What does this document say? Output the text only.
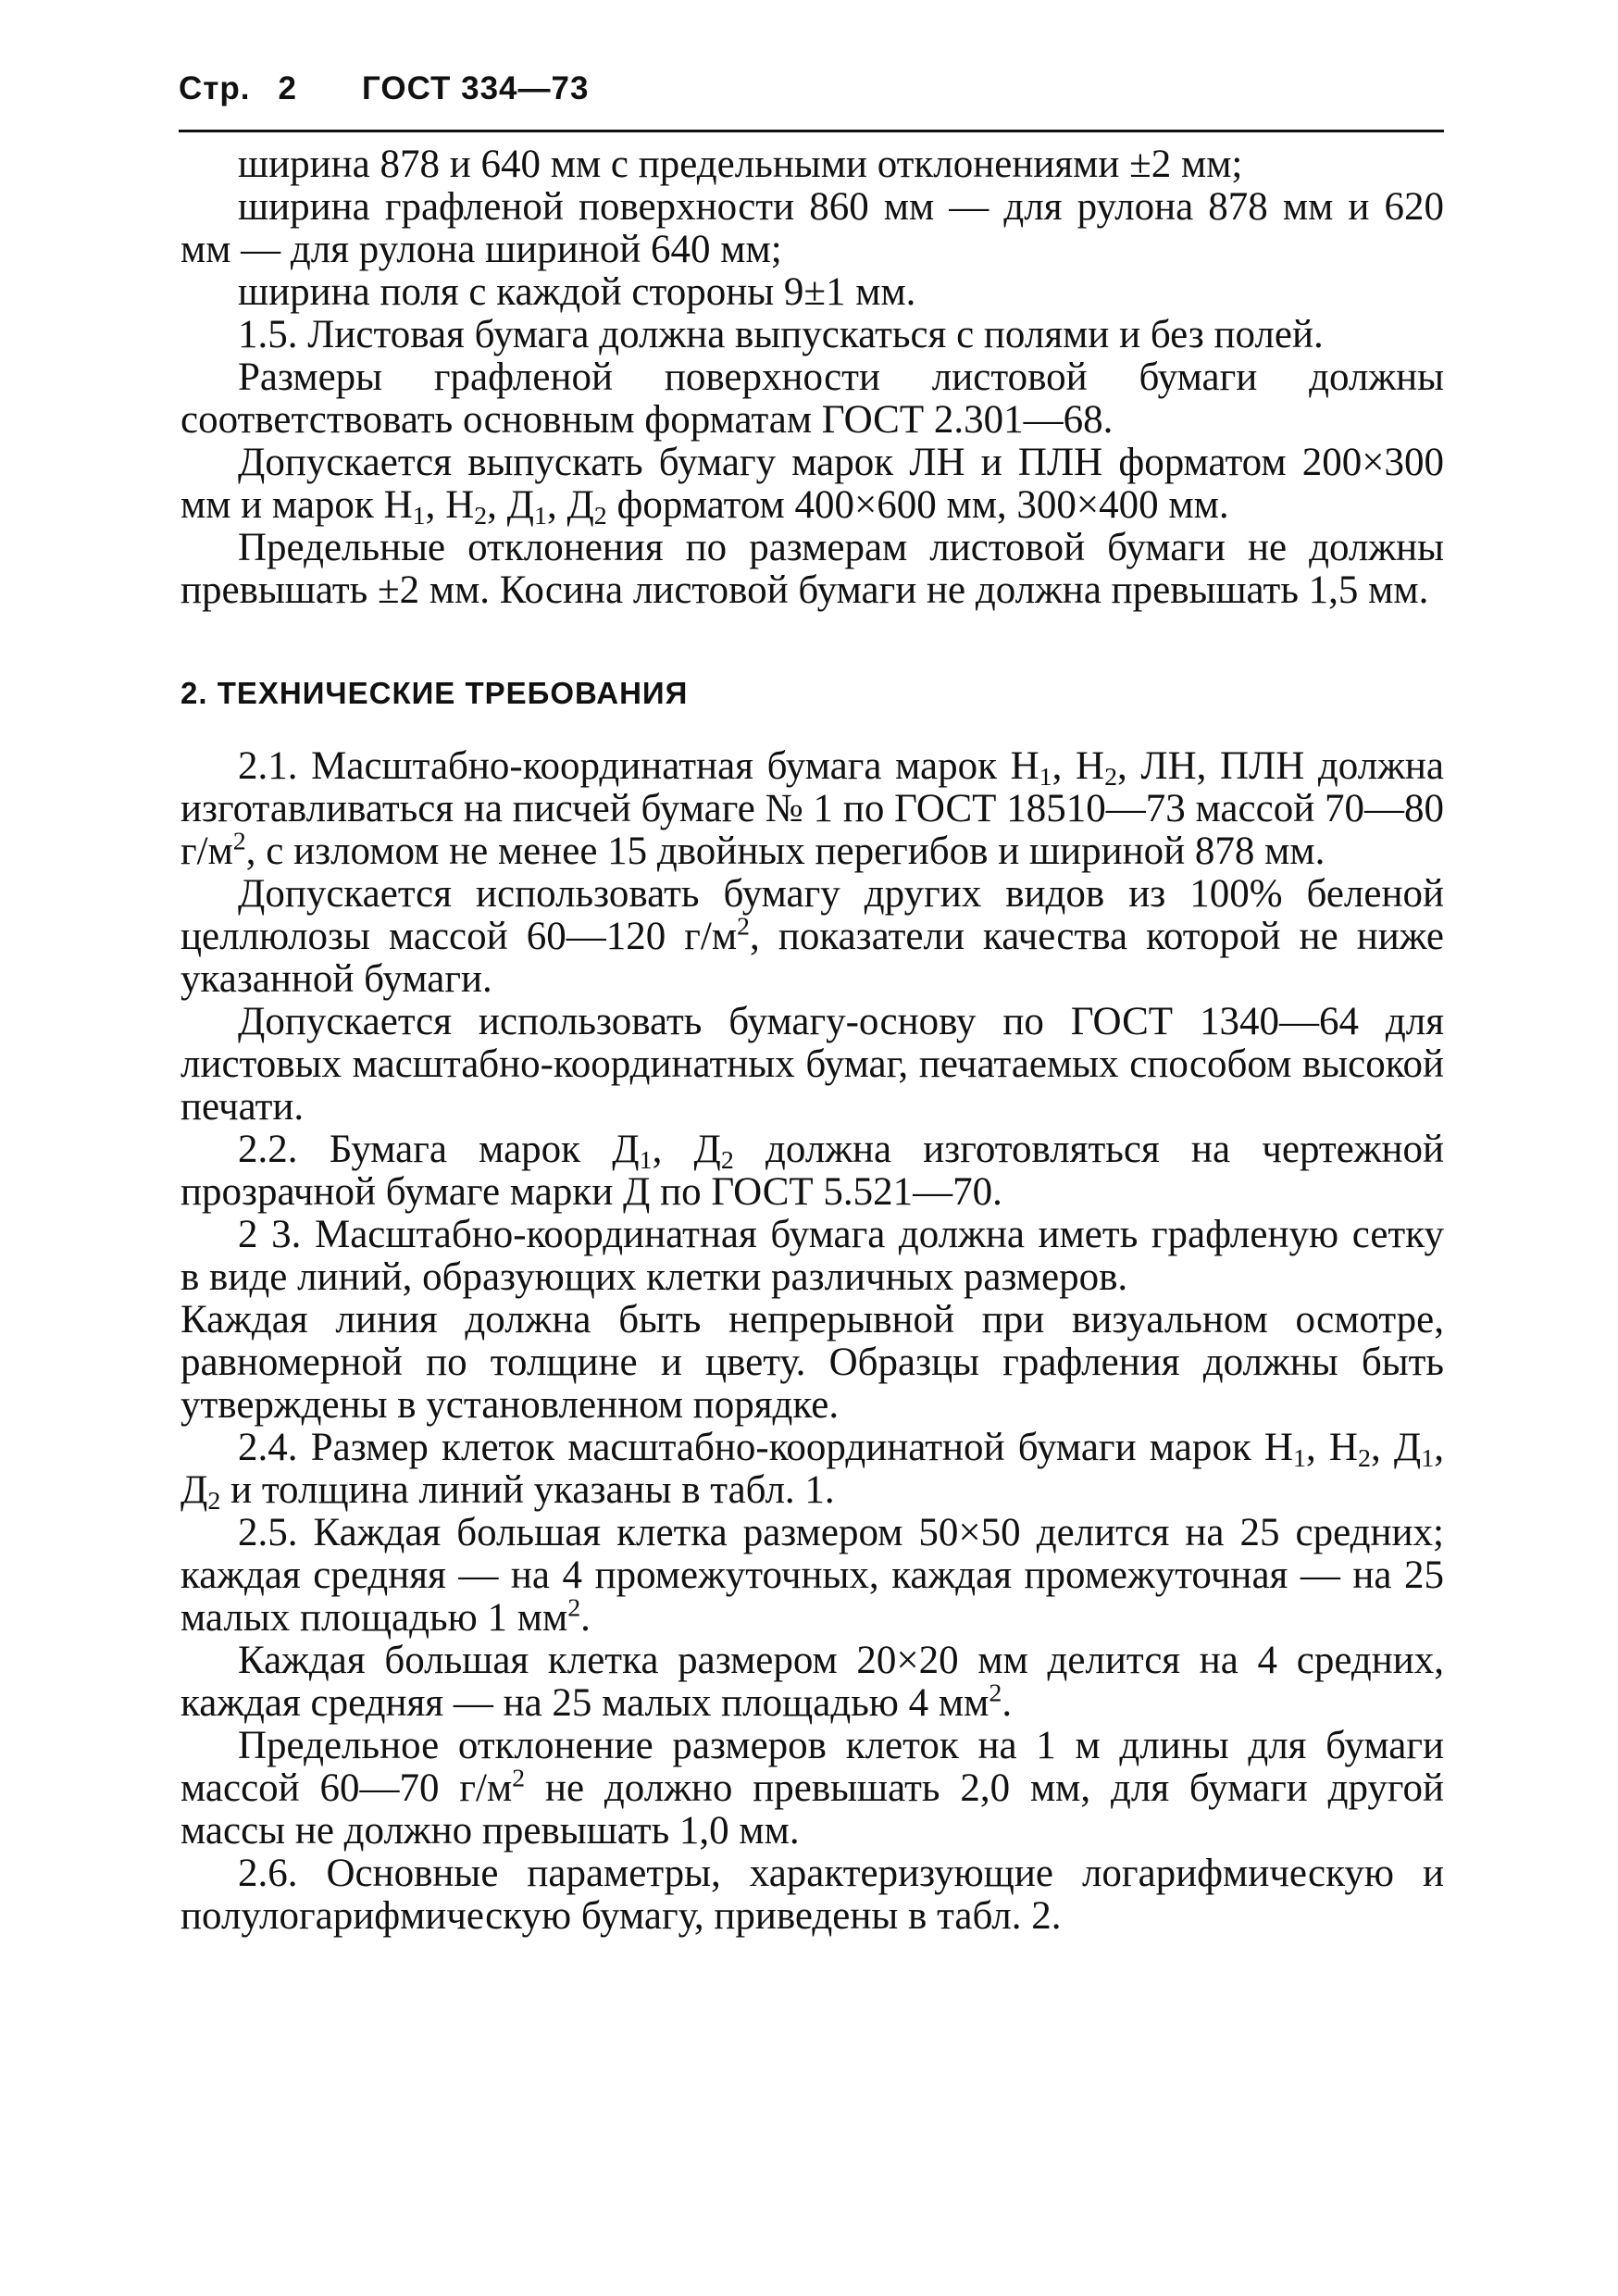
Стр. 2 ГОСТ 334—73

ширина 878 и 640 мм с предельными отклонениями ±2 мм;

ширина графленой поверхности 860 мм — для рулона 878 мм и 620 мм — для рулона шириной 640 мм;

ширина поля с каждой стороны 9±1 мм.

1.5. Листовая бумага должна выпускаться с полями и без полей.

Размеры графленой поверхности листовой бумаги должны соответствовать основным форматам ГОСТ 2.301—68.

Допускается выпускать бумагу марок ЛН и ПЛН форматом 200×300 мм и марок $Н_1$, $Н_2$, $Д_1$, $Д_2$ форматом 400×600 мм, 300×400 мм.

Предельные отклонения по размерам листовой бумаги не должны превышать ±2 мм. Косина листовой бумаги не должна превышать 1,5 мм.

2. ТЕХНИЧЕСКИЕ ТРЕБОВАНИЯ

2.1. Масштабно-координатная бумага марок $Н_1$, $Н_2$, ЛН, ПЛН должна изготавливаться на писчей бумаге № 1 по ГОСТ 18510—73 массой 70—80 $г/м^2$, с изломом не менее 15 двойных перегибов и шириной 878 мм.

Допускается использовать бумагу других видов из 100% беленой целлюлозы массой 60—120 $г/м^2$, показатели качества которой не ниже указанной бумаги.

Допускается использовать бумагу-основу по ГОСТ 1340—64 для листовых масштабно-координатных бумаг, печатаемых способом высокой печати.

2.2. Бумага марок $Д_1$, $Д_2$ должна изготовляться на чертежной прозрачной бумаге марки Д по ГОСТ 5.521—70.

2 3. Масштабно-координатная бумага должна иметь графленую сетку в виде линий, образующих клетки различных размеров.

Каждая линия должна быть непрерывной при визуальном осмотре, равномерной по толщине и цвету. Образцы графления должны быть утверждены в установленном порядке.

2.4. Размер клеток масштабно-координатной бумаги марок $Н_1$, $Н_2$, $Д_1$, $Д_2$ и толщина линий указаны в табл. 1.

2.5. Каждая большая клетка размером 50×50 делится на 25 средних; каждая средняя — на 4 промежуточных, каждая промежуточная — на 25 малых площадью 1 $мм^2$.

Каждая большая клетка размером 20×20 мм делится на 4 средних, каждая средняя — на 25 малых площадью 4 $мм^2$.

Предельное отклонение размеров клеток на 1 м длины для бумаги массой 60—70 $г/м^2$ не должно превышать 2,0 мм, для бумаги другой массы не должно превышать 1,0 мм.

2.6. Основные параметры, характеризующие логарифмическую и полулогарифмическую бумагу, приведены в табл. 2.
